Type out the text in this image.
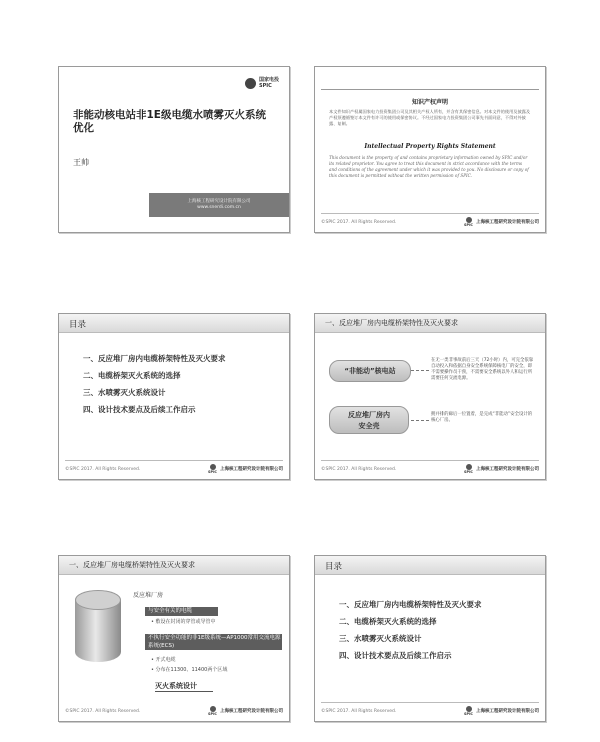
国家电投
SPIC
非能动核电站非1E级电缆水喷雾灭火系统优化
王帅
上海核工程研究设计院有限公司
www.snerdi.com.cn
知识产权声明
本文件知识产权属国家电力投资集团公司及其相关产权人所有，并含有其保密信息。对本文件的使用及披露及产权须遵循签订本文件有许可的使用或保密协议。不经过国家电力投资集团公司事先书面同意，不得对外披露、复制。
Intellectual Property Rights Statement
This document is the property of and contains proprietary information owned by SPIC and/or its related proprietor. You agree to treat this document in strict accordance with the terms and conditions of the agreement under which it was provided to you. No disclosure or copy of this document is permitted without the written permission of SPIC.
©SPIC 2017. All Rights Reserved.	SPIC 上海核工程研究设计院有限公司
目录
一、反应堆厂房内电缆桥架特性及灭火要求
二、电缆桥架灭火系统的选择
三、水喷雾灭火系统设计
四、设计技术要点及后续工作启示
©SPIC 2017. All Rights Reserved.	SPIC 上海核工程研究设计院有限公司
一、反应堆厂房内电缆桥架特性及灭火要求
“非能动”核电站
在无一类非事故前后三天（72小时）内，可完全依靠自动投入和依据自身安全系统保障核电厂的安全，即不需要操作员干预，不需要安全系统以外人和运行所需要任何交流电源。
反应堆厂房内
安全壳
拥并排的廊后一位置着，是完成“非能动”安全设计的核心厂房。
©SPIC 2017. All Rights Reserved.	SPIC 上海核工程研究设计院有限公司
一、反应堆厂房电缆桥架特性及灭火要求
反应堆厂房
与安全有关的电缆
• 敷设在封闭的穿管或导管中
不执行安全功能的非1E级系统—AP1000常用交流电源系统(ECS)
• 开式电缆
• 分布在11300、11400两个区域
灭火系统设计
©SPIC 2017. All Rights Reserved.	SPIC 上海核工程研究设计院有限公司
目录
一、反应堆厂房内电缆桥架特性及灭火要求
二、电缆桥架灭火系统的选择
三、水喷雾灭火系统设计
四、设计技术要点及后续工作启示
©SPIC 2017. All Rights Reserved.	SPIC 上海核工程研究设计院有限公司
